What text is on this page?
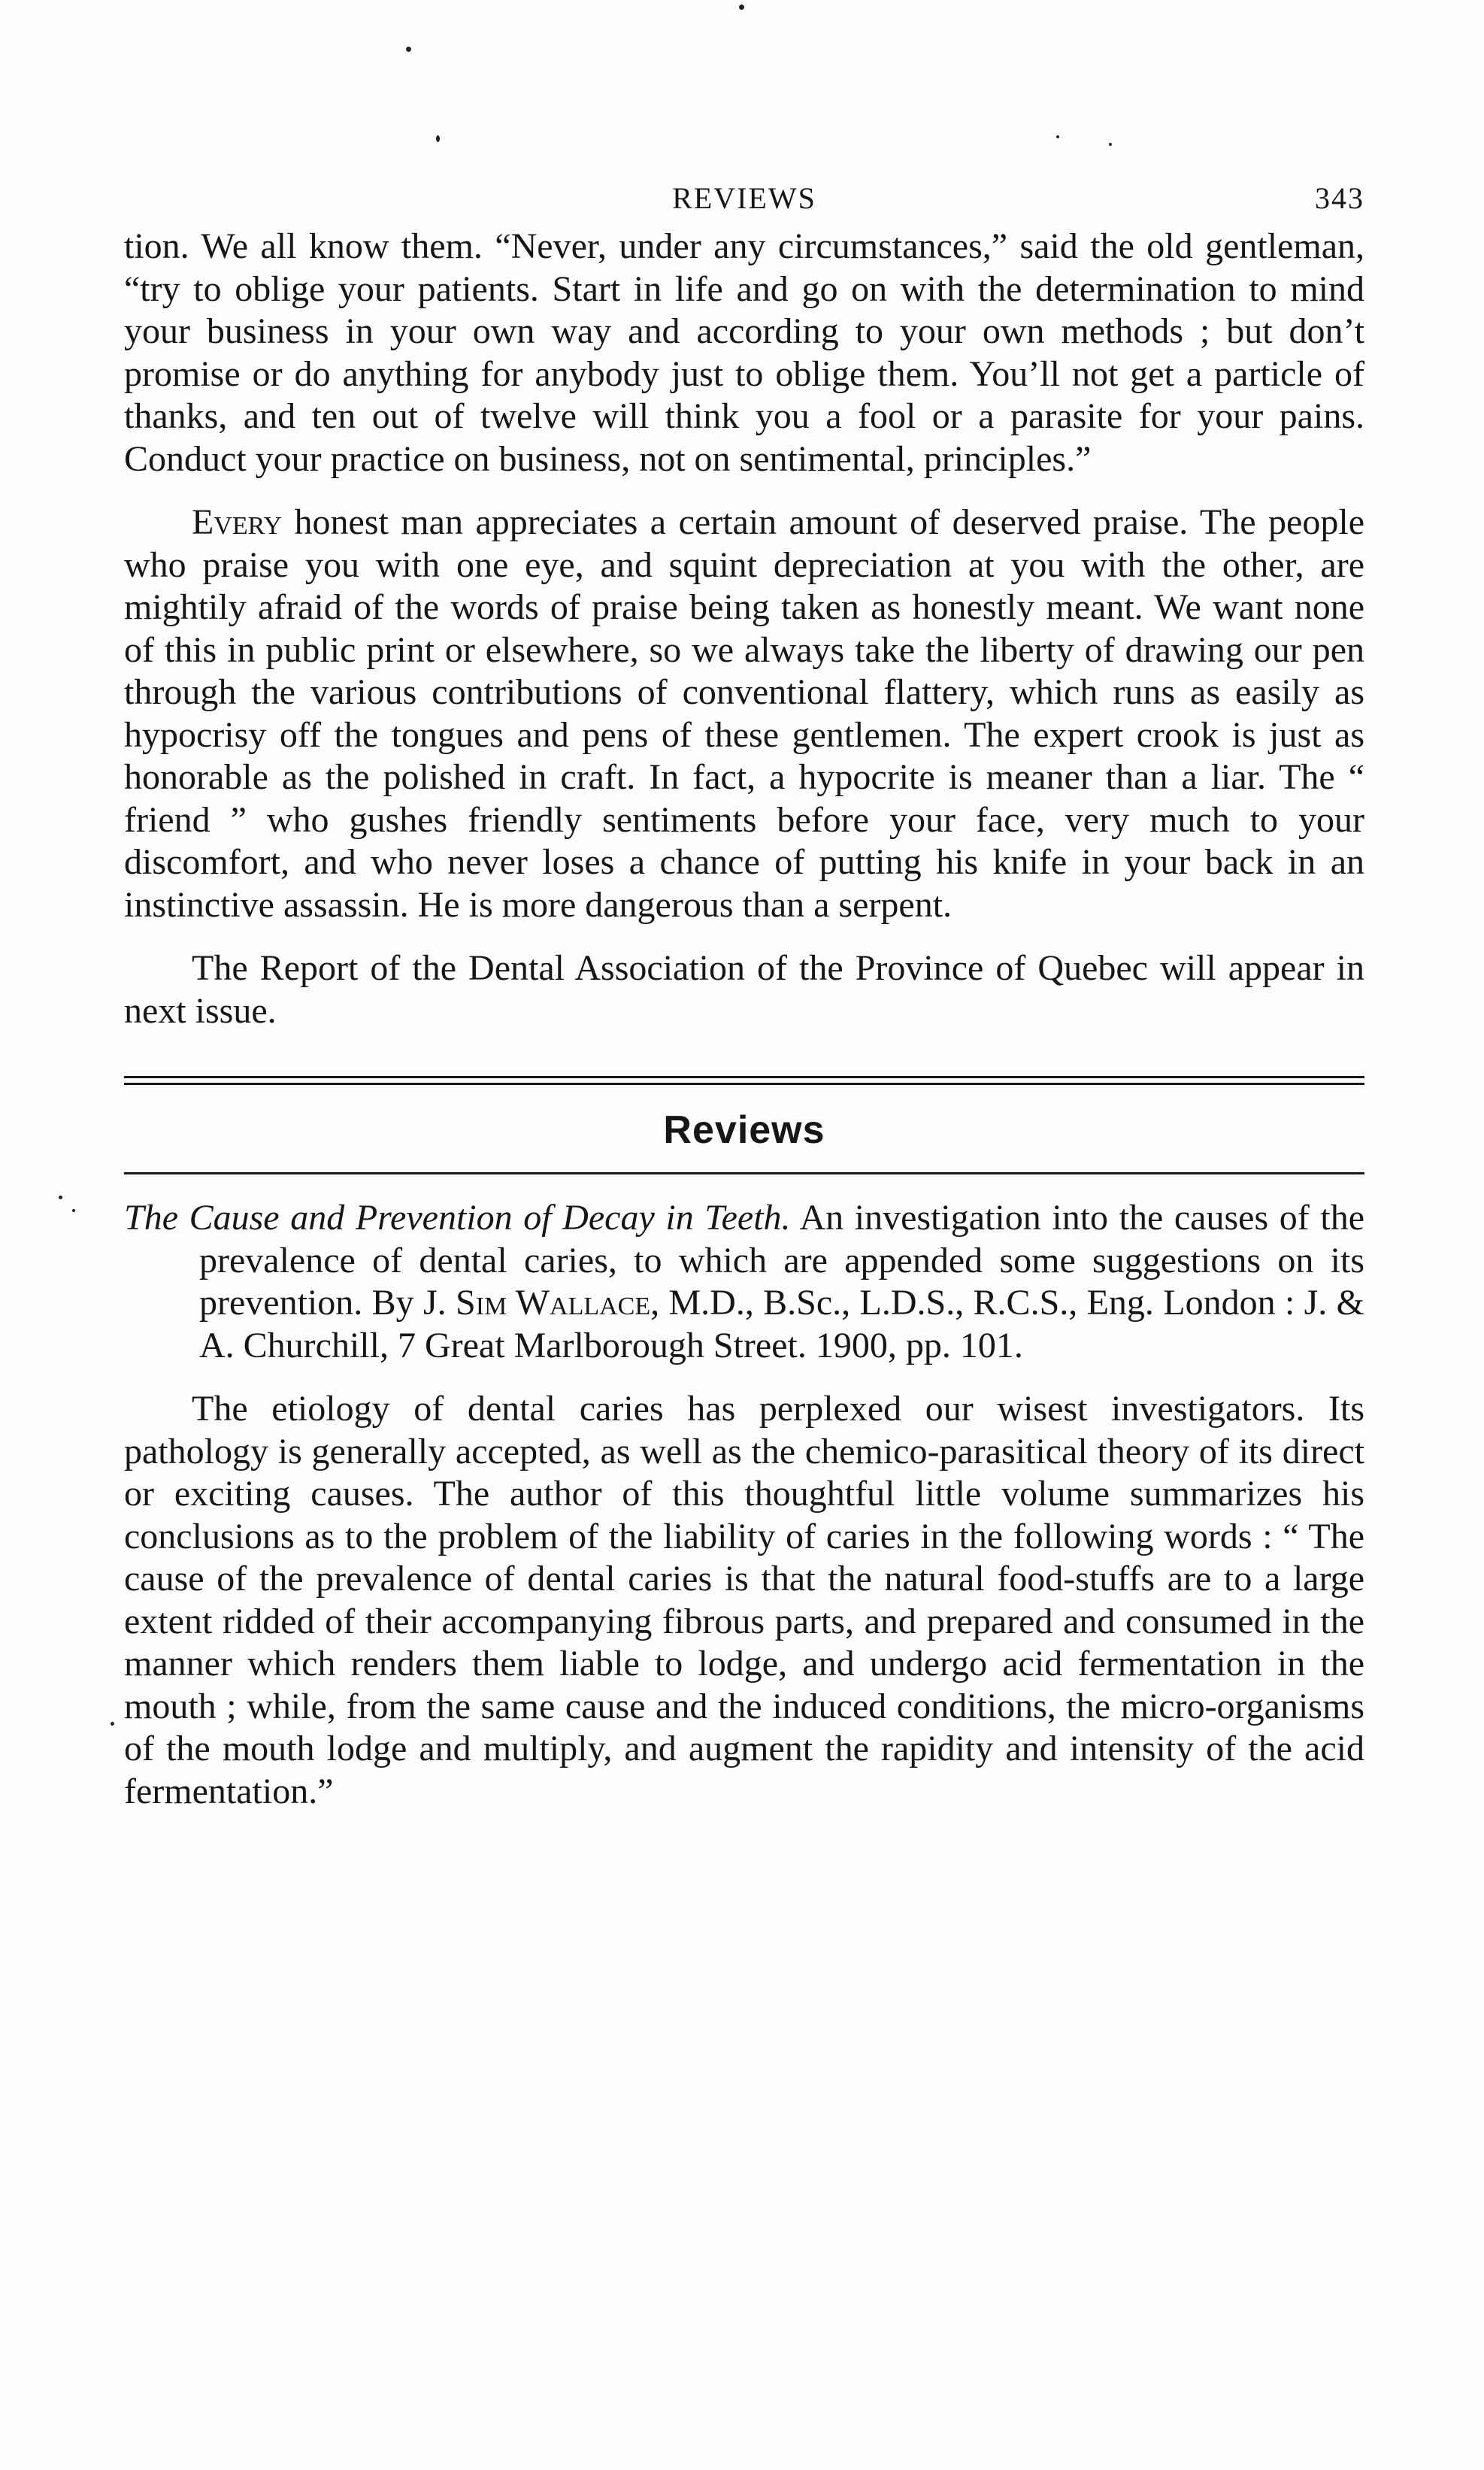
REVIEWS	343

tion. We all know them. “Never, under any circumstances,” said the old gentleman, “try to oblige your patients. Start in life and go on with the determination to mind your business in your own way and according to your own methods ; but don’t promise or do anything for anybody just to oblige them. You’ll not get a particle of thanks, and ten out of twelve will think you a fool or a parasite for your pains. Conduct your practice on business, not on sentimental, principles.”

Every honest man appreciates a certain amount of deserved praise. The people who praise you with one eye, and squint depreciation at you with the other, are mightily afraid of the words of praise being taken as honestly meant. We want none of this in public print or elsewhere, so we always take the liberty of drawing our pen through the various contributions of conventional flattery, which runs as easily as hypocrisy off the tongues and pens of these gentlemen. The expert crook is just as honorable as the polished in craft. In fact, a hypocrite is meaner than a liar. The “ friend ” who gushes friendly sentiments before your face, very much to your discomfort, and who never loses a chance of putting his knife in your back in an instinctive assassin. He is more dangerous than a serpent.

The Report of the Dental Association of the Province of Quebec will appear in next issue.

Reviews

The Cause and Prevention of Decay in Teeth. An investigation into the causes of the prevalence of dental caries, to which are appended some suggestions on its prevention. By J. Sim Wallace, M.D., B.Sc., L.D.S., R.C.S., Eng. London : J. & A. Churchill, 7 Great Marlborough Street. 1900, pp. 101.

The etiology of dental caries has perplexed our wisest investigators. Its pathology is generally accepted, as well as the chemico-parasitical theory of its direct or exciting causes. The author of this thoughtful little volume summarizes his conclusions as to the problem of the liability of caries in the following words : “ The cause of the prevalence of dental caries is that the natural food-stuffs are to a large extent ridded of their accompanying fibrous parts, and prepared and consumed in the manner which renders them liable to lodge, and undergo acid fermentation in the mouth ; while, from the same cause and the induced conditions, the micro-organisms of the mouth lodge and multiply, and augment the rapidity and intensity of the acid fermentation.”
